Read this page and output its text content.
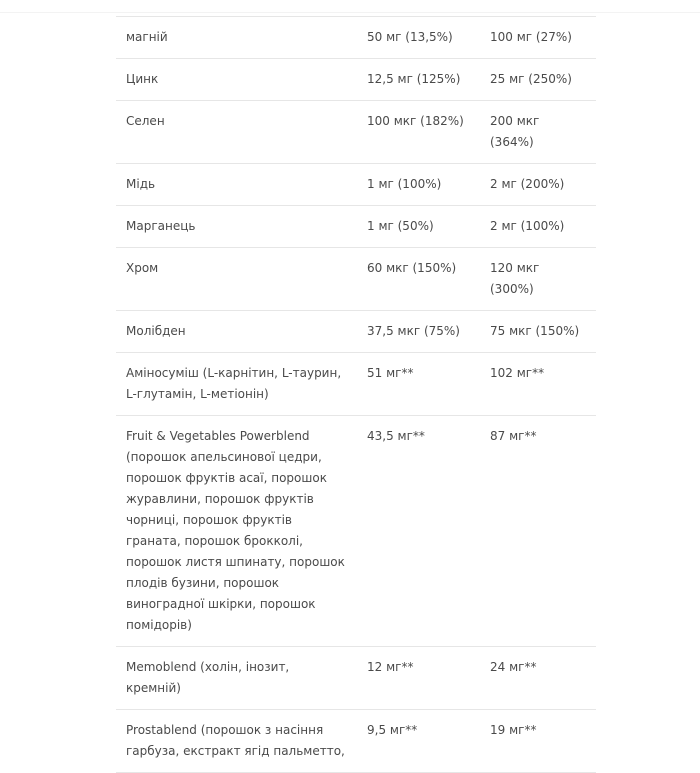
магній	50 мг (13,5%)	100 мг (27%)
Цинк	12,5 мг (125%)	25 мг (250%)
Селен	100 мкг (182%)	200 мкг (364%)
Мідь	1 мг (100%)	2 мг (200%)
Марганець	1 мг (50%)	2 мг (100%)
Хром	60 мкг (150%)	120 мкг (300%)
Молібден	37,5 мкг (75%)	75 мкг (150%)
Аміносуміш (L-карнітин, L-таурин, L-глутамін, L-метіонін)	51 мг**	102 мг**
Fruit & Vegetables Powerblend (порошок апельсинової цедри, порошок фруктів асаї, порошок журавлини, порошок фруктів чорниці, порошок фруктів граната, порошок брокколі, порошок листя шпинату, порошок плодів бузини, порошок виноградної шкірки, порошок помідорів)	43,5 мг**	87 мг**
Memoblend (холін, інозит, кремній)	12 мг**	24 мг**
Prostablend (порошок з насіння гарбуза, екстракт ягід пальметто,	9,5 мг**	19 мг**
